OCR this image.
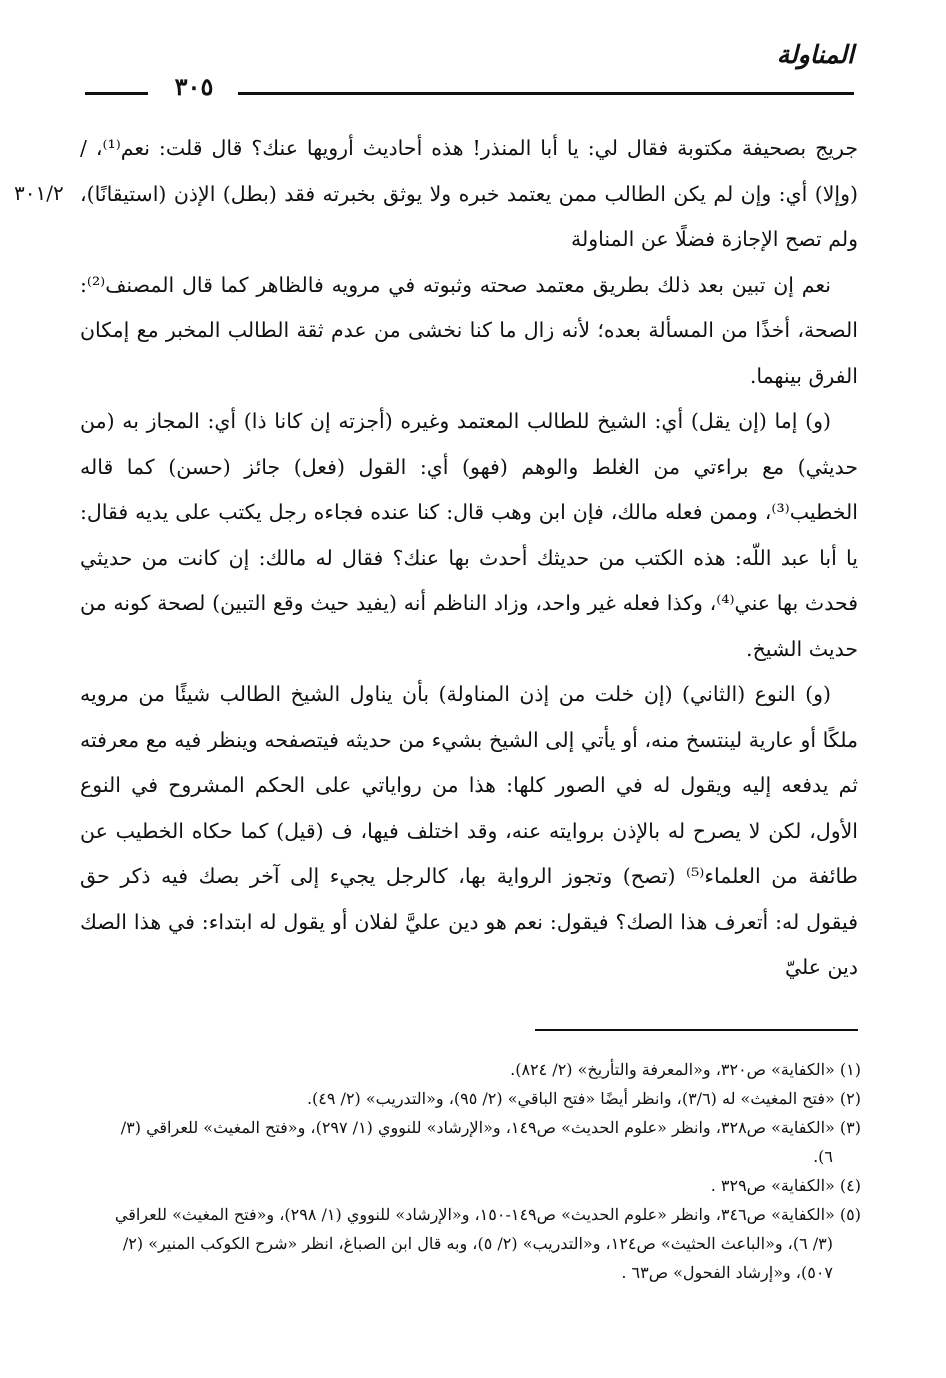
المناولة
٣٠٥
٣٠١/٢

جريج بصحيفة مكتوبة فقال لي: يا أبا المنذر! هذه أحاديث أرويها عنك؟ قال قلت: نعم⁽¹⁾، / (وإلا) أي: وإن لم يكن الطالب ممن يعتمد خبره ولا يوثق بخبرته فقد (بطل) الإذن (استيقانًا)، ولم تصح الإجازة فضلًا عن المناولة

نعم إن تبين بعد ذلك بطريق معتمد صحته وثبوته في مرويه فالظاهر كما قال المصنف⁽²⁾: الصحة، أخذًا من المسألة بعده؛ لأنه زال ما كنا نخشى من عدم ثقة الطالب المخبر مع إمكان الفرق بينهما.

(و) إما (إن يقل) أي: الشيخ للطالب المعتمد وغيره (أجزته إن كانا ذا) أي: المجاز به (من حديثي) مع براءتي من الغلط والوهم (فهو) أي: القول (فعل) جائز (حسن) كما قاله الخطيب⁽³⁾، وممن فعله مالك، فإن ابن وهب قال: كنا عنده فجاءه رجل يكتب على يديه فقال: يا أبا عبد اللّه: هذه الكتب من حديثك أحدث بها عنك؟ فقال له مالك: إن كانت من حديثي فحدث بها عني⁽⁴⁾، وكذا فعله غير واحد، وزاد الناظم أنه (يفيد حيث وقع التبين) لصحة كونه من حديث الشيخ.

(و) النوع (الثاني) (إن خلت من إذن المناولة) بأن يناول الشيخ الطالب شيئًا من مرويه ملكًا أو عارية لينتسخ منه، أو يأتي إلى الشيخ بشيء من حديثه فيتصفحه وينظر فيه مع معرفته ثم يدفعه إليه ويقول له في الصور كلها: هذا من رواياتي على الحكم المشروح في النوع الأول، لكن لا يصرح له بالإذن بروايته عنه، وقد اختلف فيها، ف (قيل) كما حكاه الخطيب عن طائفة من العلماء⁽⁵⁾ (تصح) وتجوز الرواية بها، كالرجل يجيء إلى آخر بصك فيه ذكر حق فيقول له: أتعرف هذا الصك؟ فيقول: نعم هو دين عليَّ لفلان أو يقول له ابتداء: في هذا الصك دين عليّ

(١) «الكفاية» ص٣٢٠، و«المعرفة والتأريخ» (٢/ ٨٢٤).

(٢) «فتح المغيث» له (٣/٦)، وانظر أيضًا «فتح الباقي» (٢/ ٩٥)، و«التدريب» (٢/ ٤٩).

(٣) «الكفاية» ص٣٢٨، وانظر «علوم الحديث» ص١٤٩، و«الإرشاد» للنووي (١/ ٢٩٧)، و«فتح المغيث» للعراقي (٣/ ٦).

(٤) «الكفاية» ص٣٢٩ .

(٥) «الكفاية» ص٣٤٦، وانظر «علوم الحديث» ص١٤٩-١٥٠، و«الإرشاد» للنووي (١/ ٢٩٨)، و«فتح المغيث» للعراقي (٣/ ٦)، و«الباعث الحثيث» ص١٢٤، و«التدريب» (٢/ ٥)، وبه قال ابن الصباغ، انظر «شرح الكوكب المنير» (٢/ ٥٠٧)، و«إرشاد الفحول» ص٦٣ .
